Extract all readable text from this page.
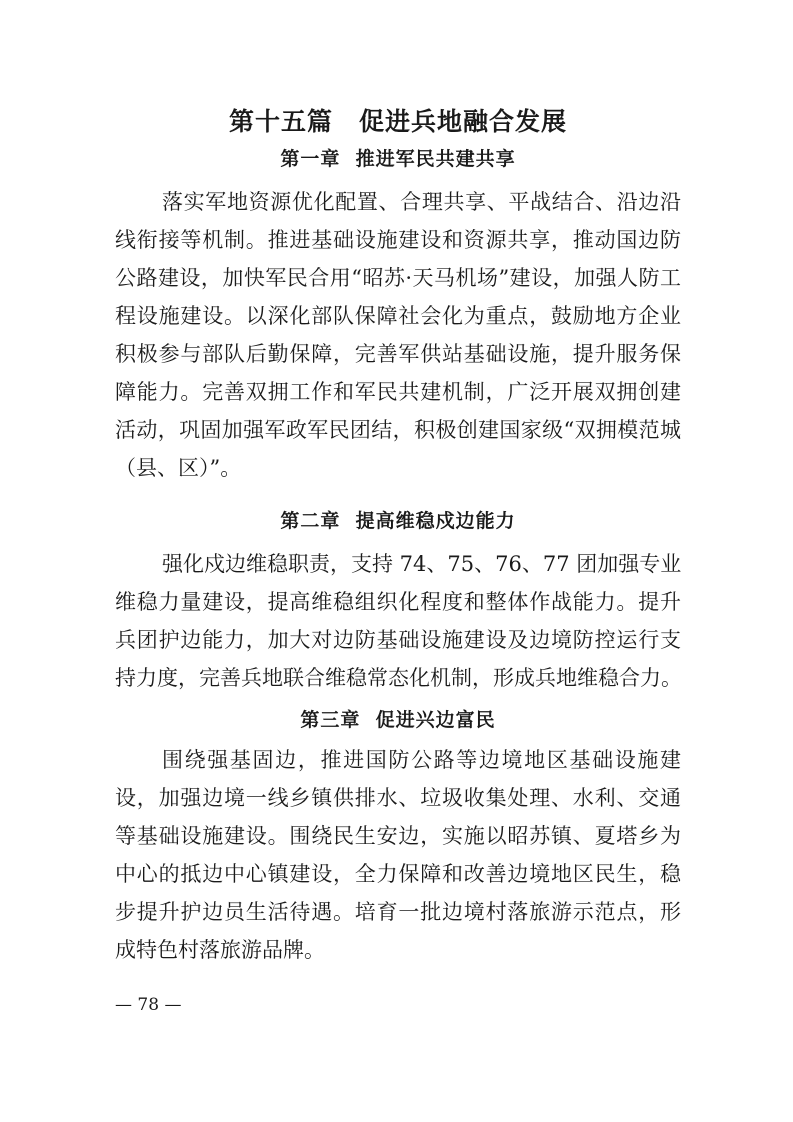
第十五篇　促进兵地融合发展
第一章  推进军民共建共享
落实军地资源优化配置、合理共享、平战结合、沿边沿
线衔接等机制。推进基础设施建设和资源共享，推动国边防
公路建设，加快军民合用“昭苏·天马机场”建设，加强人防工
程设施建设。以深化部队保障社会化为重点，鼓励地方企业
积极参与部队后勤保障，完善军供站基础设施，提升服务保
障能力。完善双拥工作和军民共建机制，广泛开展双拥创建
活动，巩固加强军政军民团结，积极创建国家级“双拥模范城
（县、区）”。
第二章  提高维稳戍边能力
强化戍边维稳职责，支持 74、75、76、77 团加强专业
维稳力量建设，提高维稳组织化程度和整体作战能力。提升
兵团护边能力，加大对边防基础设施建设及边境防控运行支
持力度，完善兵地联合维稳常态化机制，形成兵地维稳合力。
第三章  促进兴边富民
围绕强基固边，推进国防公路等边境地区基础设施建
设，加强边境一线乡镇供排水、垃圾收集处理、水利、交通
等基础设施建设。围绕民生安边，实施以昭苏镇、夏塔乡为
中心的抵边中心镇建设，全力保障和改善边境地区民生，稳
步提升护边员生活待遇。培育一批边境村落旅游示范点，形
成特色村落旅游品牌。
— 78 —
